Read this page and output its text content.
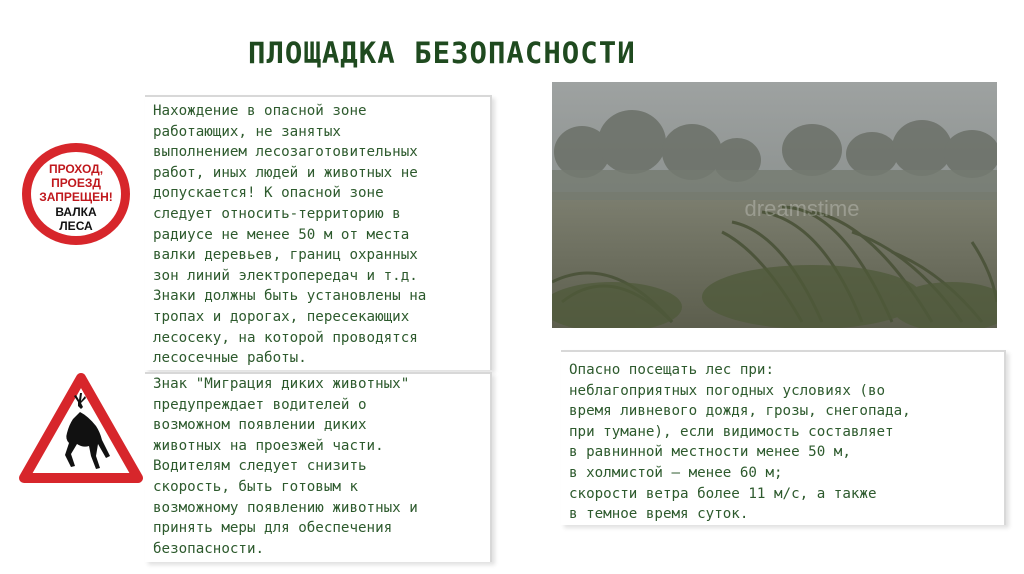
ПЛОЩАДКА БЕЗОПАСНОСТИ
ПРОХОД,
ПРОЕЗД
ЗАПРЕЩЕН!
ВАЛКА
ЛЕСА
dreamstime

Нахождение в опасной зоне
работающих, не занятых
выполнением лесозаготовительных
работ, иных людей и животных не
допускается! К опасной зоне
следует относить-территорию в
радиусе не менее 50 м от места
валки деревьев, границ охранных
зон линий электропередач и т.д.
Знаки должны быть установлены на
тропах и дорогах, пересекающих
лесосеку, на которой проводятся
лесосечные работы.

Знак "Миграция диких животных"
предупреждает водителей о
возможном появлении диких
животных на проезжей части.
Водителям следует снизить
скорость, быть готовым к
возможному появлению животных и
принять меры для обеспечения
безопасности.

Опасно посещать лес при:
неблагоприятных погодных условиях (во
время ливневого дождя, грозы, снегопада,
при тумане), если видимость составляет
в равнинной местности менее 50 м,
в холмистой – менее 60 м;
скорости ветра более 11 м/с, а также
в темное время суток.
